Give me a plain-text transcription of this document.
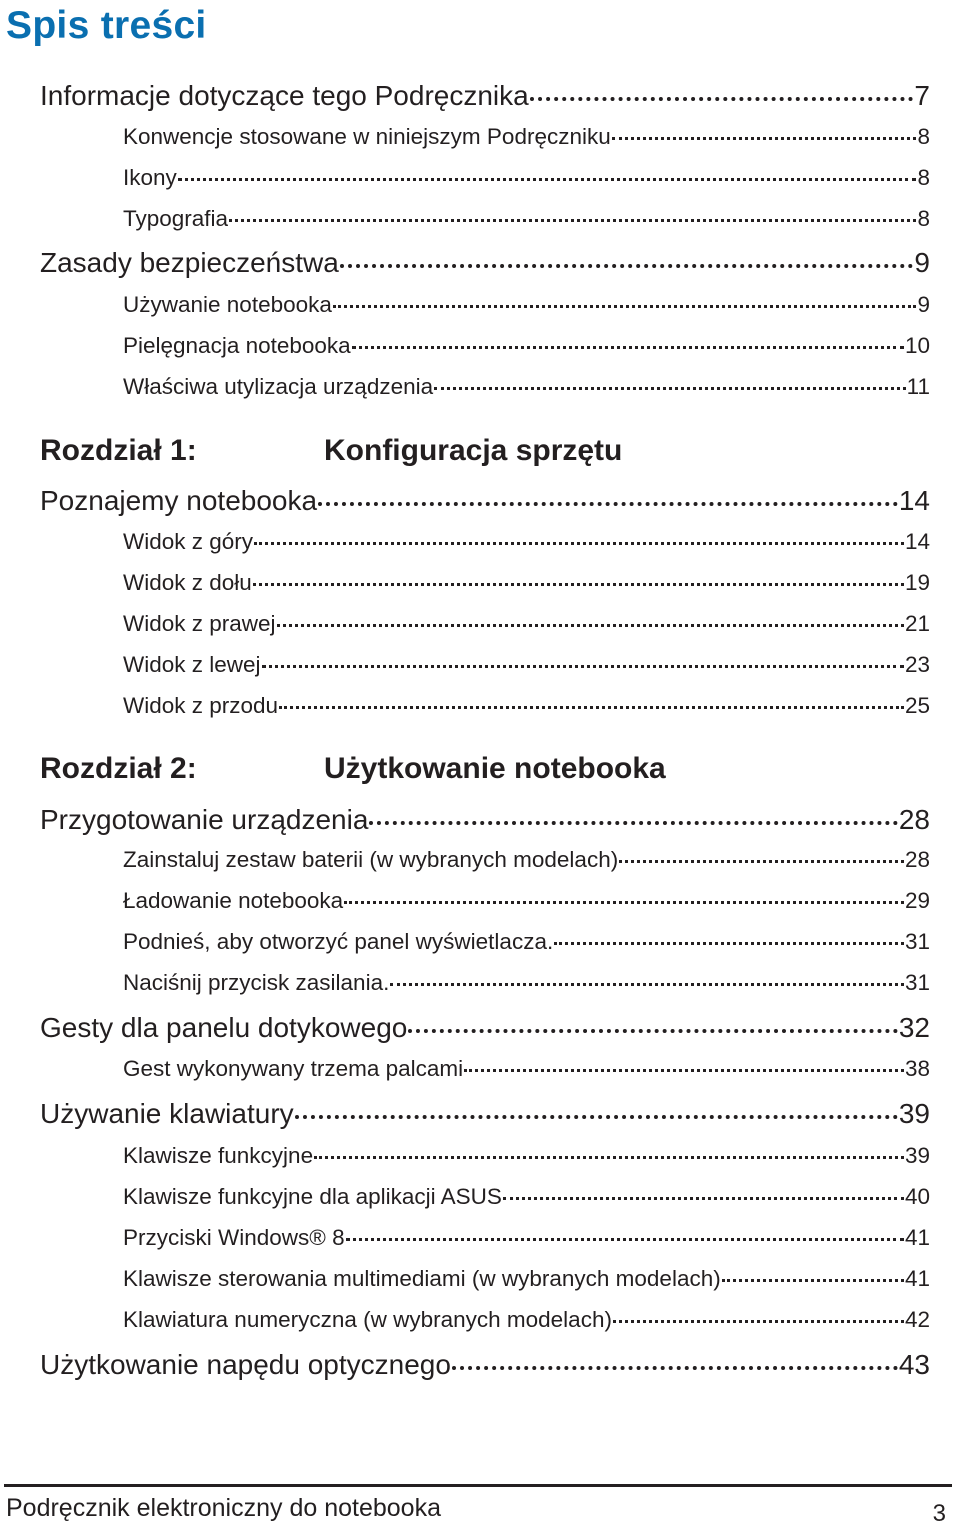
Spis treści
Informacje dotyczące tego Podręcznika	7
Konwencje stosowane w niniejszym Podręczniku	8
Ikony	8
Typografia	8
Zasady bezpieczeństwa	9
Używanie notebooka	9
Pielęgnacja notebooka	10
Właściwa utylizacja urządzenia	11
Rozdział 1:	Konfiguracja sprzętu
Poznajemy notebooka	14
Widok z góry	14
Widok z dołu	19
Widok z prawej	21
Widok z lewej	23
Widok z przodu	25
Rozdział 2:	Użytkowanie notebooka
Przygotowanie urządzenia	28
Zainstaluj zestaw baterii (w wybranych modelach)	28
Ładowanie notebooka	29
Podnieś, aby otworzyć panel wyświetlacza.	31
Naciśnij przycisk zasilania.	31
Gesty dla panelu dotykowego	32
Gest wykonywany trzema palcami	38
Używanie klawiatury	39
Klawisze funkcyjne	39
Klawisze funkcyjne dla aplikacji ASUS	40
Przyciski Windows® 8	41
Klawisze sterowania multimediami (w wybranych modelach)	41
Klawiatura numeryczna (w wybranych modelach)	42
Użytkowanie napędu optycznego	43
Podręcznik elektroniczny do notebooka	3
